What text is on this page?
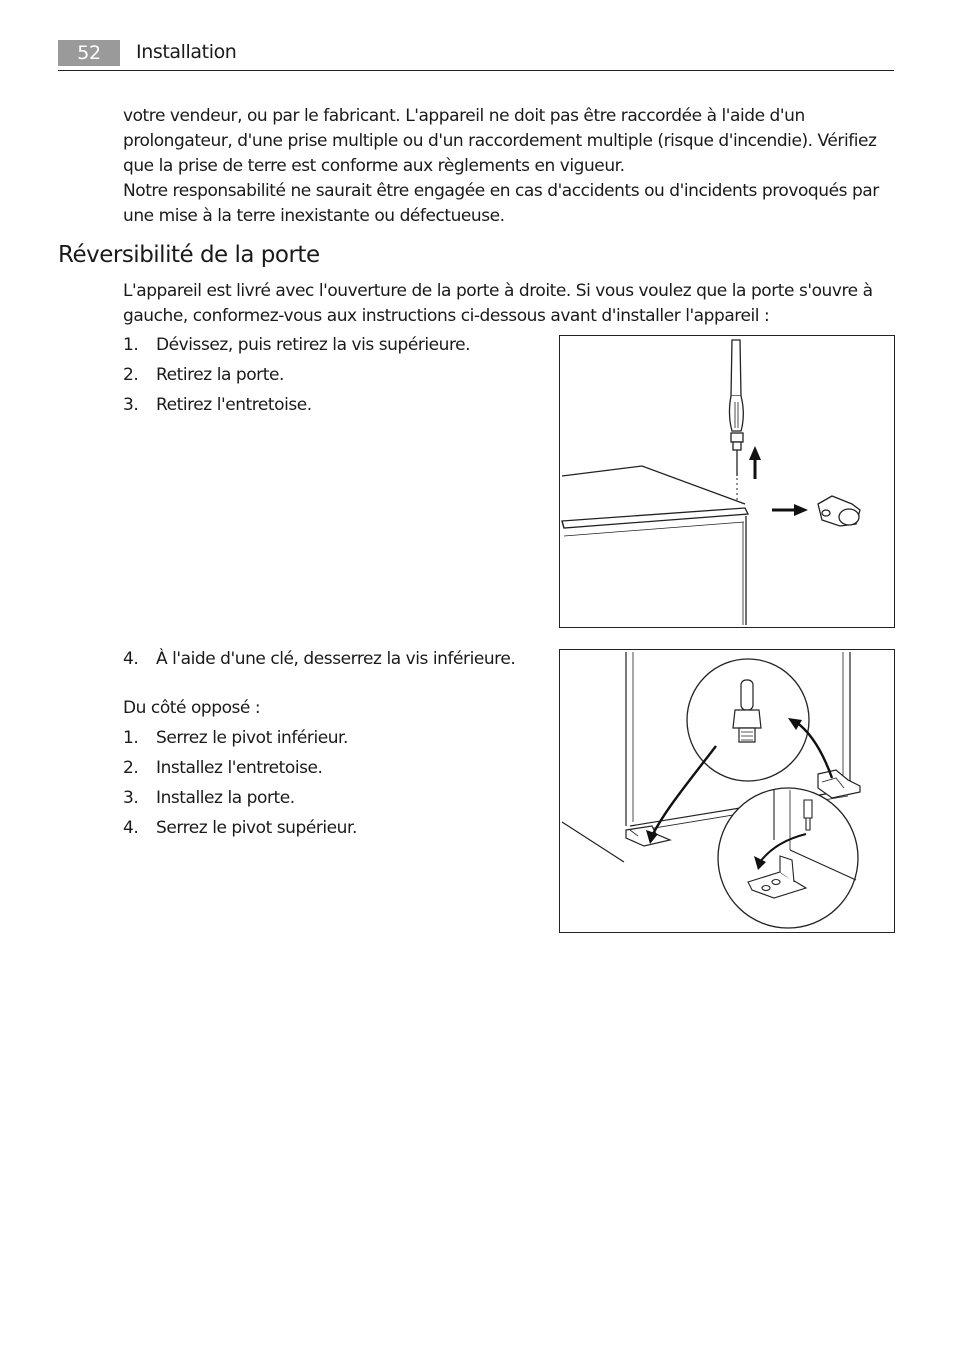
52	Installation

votre vendeur, ou par le fabricant. L'appareil ne doit pas être raccordée à l'aide d'un prolongateur, d'une prise multiple ou d'un raccordement multiple (risque d'incendie). Vérifiez que la prise de terre est conforme aux règlements en vigueur.

Notre responsabilité ne saurait être engagée en cas d'accidents ou d'incidents provoqués par une mise à la terre inexistante ou défectueuse.

Réversibilité de la porte

L'appareil est livré avec l'ouverture de la porte à droite. Si vous voulez que la porte s'ouvre à gauche, conformez-vous aux instructions ci-dessous avant d'installer l'appareil :

1. Dévissez, puis retirez la vis supérieure.
2. Retirez la porte.
3. Retirez l'entretoise.
4. À l'aide d'une clé, desserrez la vis inférieure.

Du côté opposé :

1. Serrez le pivot inférieur.
2. Installez l'entretoise.
3. Installez la porte.
4. Serrez le pivot supérieur.
